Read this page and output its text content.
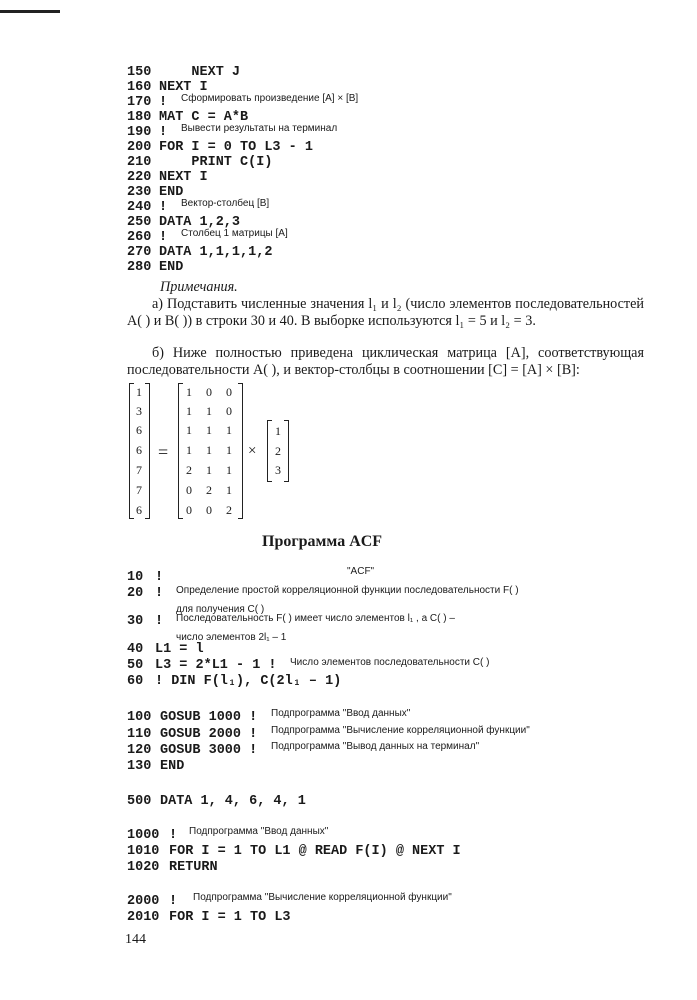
150    NEXT J
160 NEXT I
170 ! Сформировать произведение [A] × [B]
180 MAT C = A*B
190 ! Вывести результаты на терминал
200 FOR I = 0 TO L3 - 1
210    PRINT C(I)
220 NEXT I
230 END
240 ! Вектор-столбец [B]
250 DATA 1,2,3
260 ! Столбец 1 матрицы [A]
270 DATA 1,1,1,1,2
280 END
Примечания.
а) Подставить численные значения l₁ и l₂ (число элементов последовательностей A( ) и B( )) в строки 30 и 40. В выборке используются l₁ = 5 и l₂ = 3.
б) Ниже полностью приведена циклическая матрица [A], соответствующая последовательности A( ), и вектор-столбцы в соотношении [C] = [A] × [B]:
1
3
6
6
7
7
6
=
1	0	0
1	1	0
1	1	1
1	1	1
2	1	1
0	2	1
0	0	2
×
1
2
3
Программа ACF
10 !	"ACF"
20 ! Определение простой корреляционной функции последовательности F( )
для получения C( )
30 ! Последовательность F( ) имеет число элементов l₁ , а C( ) –
число элементов 2l₁ – 1
40 L1 = l
50 L3 = 2*L1 - 1 ! Число элементов последовательности C( )
60 ! DIN F(l₁), C(2l₁ – 1)
100 GOSUB 1000 ! Подпрограмма "Ввод данных"
110 GOSUB 2000 ! Подпрограмма "Вычисление корреляционной функции"
120 GOSUB 3000 ! Подпрограмма "Вывод данных на терминал"
130 END
500 DATA 1, 4, 6, 4, 1
1000 ! Подпрограмма "Ввод данных"
1010 FOR I = 1 TO L1 @ READ F(I) @ NEXT I
1020 RETURN
2000 ! Подпрограмма "Вычисление корреляционной функции"
2010 FOR I = 1 TO L3
144
